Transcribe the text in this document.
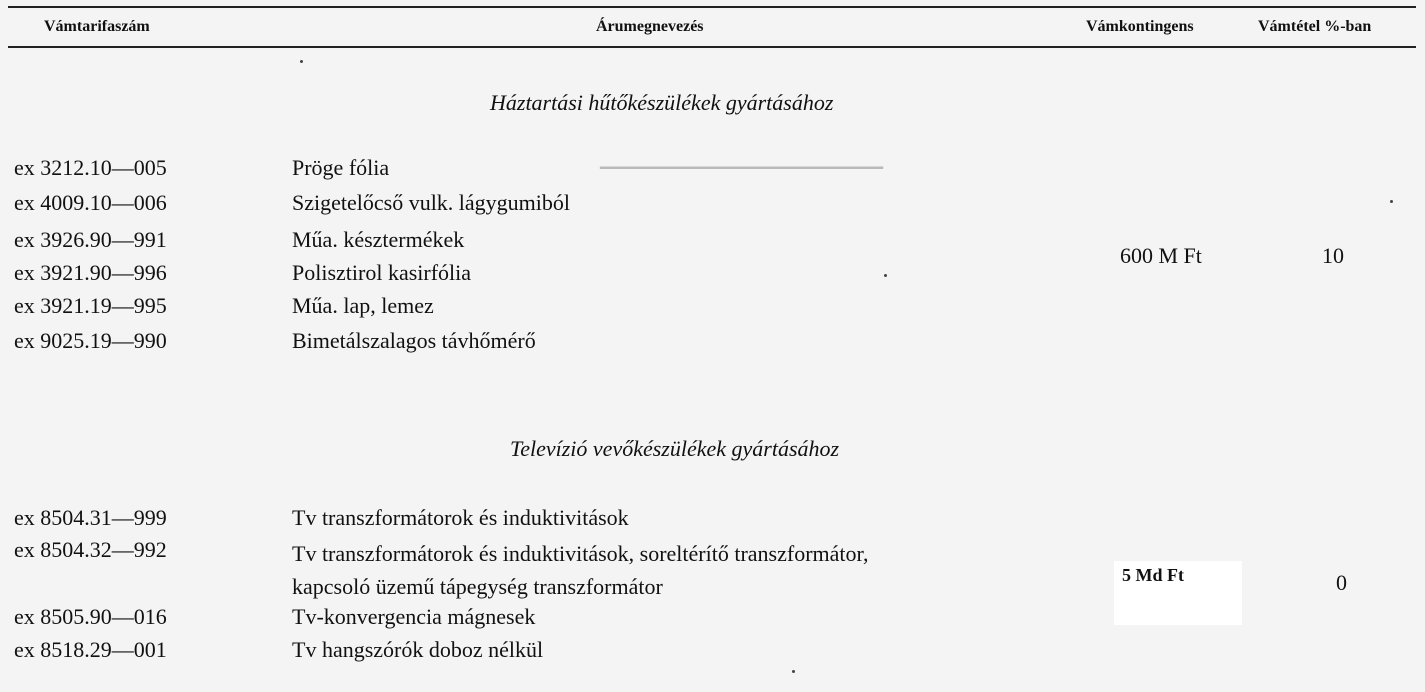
▁▁▁▁▁▁▁▁▁▁▁▁▁▁▁▁▁▁▁▁▁▁▁
Vámtarifaszám	Árumegnevezés	Vámkontingens	Vámtétel %-ban
Háztartási hűtőkészülékek gyártásához
ex 3212.10—005	Pröge fólia
ex 4009.10—006	Szigetelőcső vulk. lágygumiból
ex 3926.90—991	Műa. késztermékek
ex 3921.90—996	Polisztirol kasirfólia
ex 3921.19—995	Műa. lap, lemez
ex 9025.19—990	Bimetálszalagos távhőmérő
600 M Ft	10
Televízió vevőkészülékek gyártásához
ex 8504.31—999	Tv transzformátorok és induktivitások
ex 8504.32—992	Tv transzformátorok és induktivitások, soreltérítő transzformátor,
kapcsoló üzemű tápegység transzformátor
ex 8505.90—016	Tv-konvergencia mágnesek
ex 8518.29—001	Tv hangszórók doboz nélkül
5 Md Ft	0
